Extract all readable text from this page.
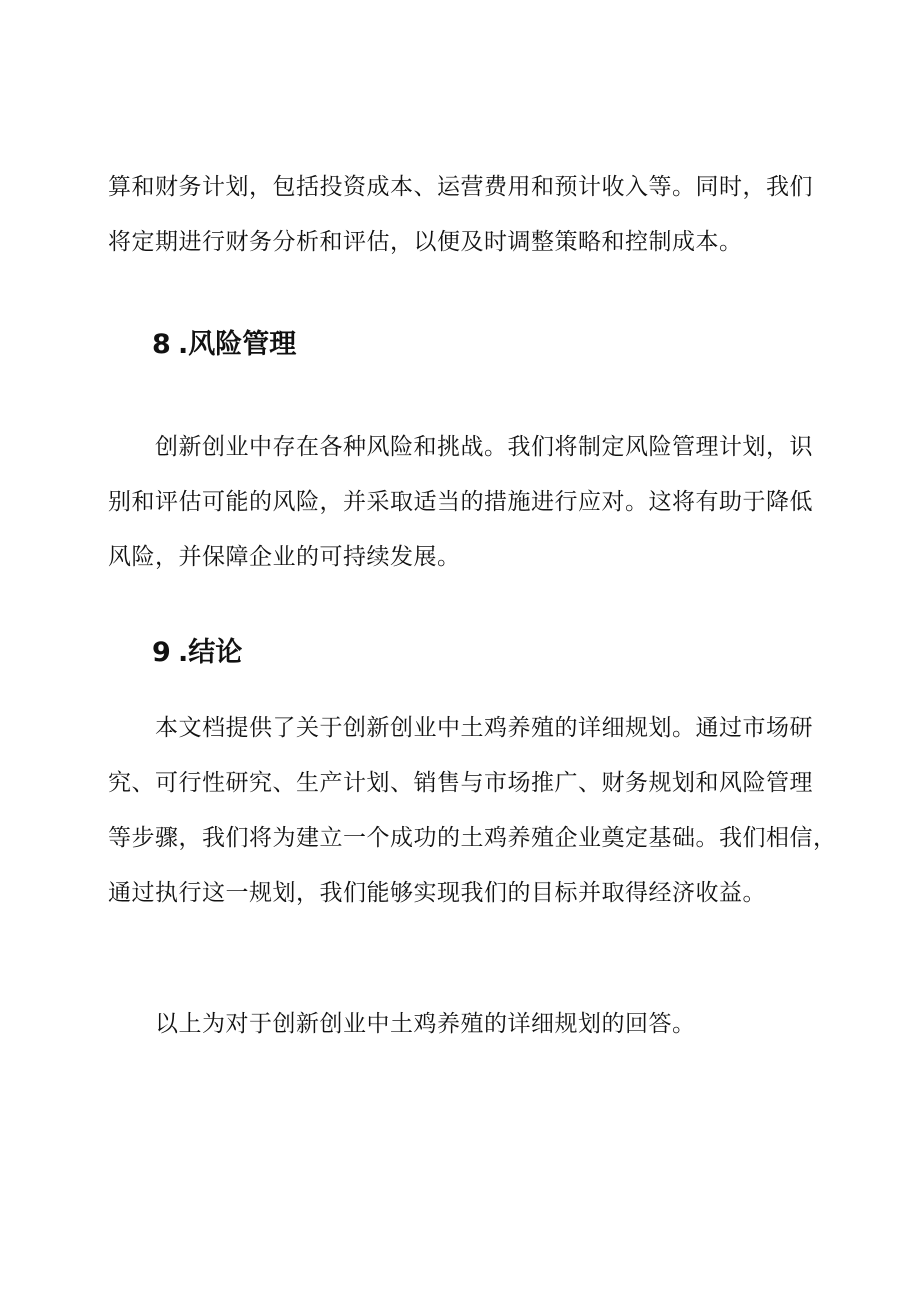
算和财务计划，包括投资成本、运营费用和预计收入等。同时，我们
将定期进行财务分析和评估，以便及时调整策略和控制成本。

8 .风险管理

　　创新创业中存在各种风险和挑战。我们将制定风险管理计划，识
别和评估可能的风险，并采取适当的措施进行应对。这将有助于降低
风险，并保障企业的可持续发展。

9 .结论

　　本文档提供了关于创新创业中土鸡养殖的详细规划。通过市场研
究、可行性研究、生产计划、销售与市场推广、财务规划和风险管理
等步骤，我们将为建立一个成功的土鸡养殖企业奠定基础。我们相信，
通过执行这一规划，我们能够实现我们的目标并取得经济收益。

　　以上为对于创新创业中土鸡养殖的详细规划的回答。
